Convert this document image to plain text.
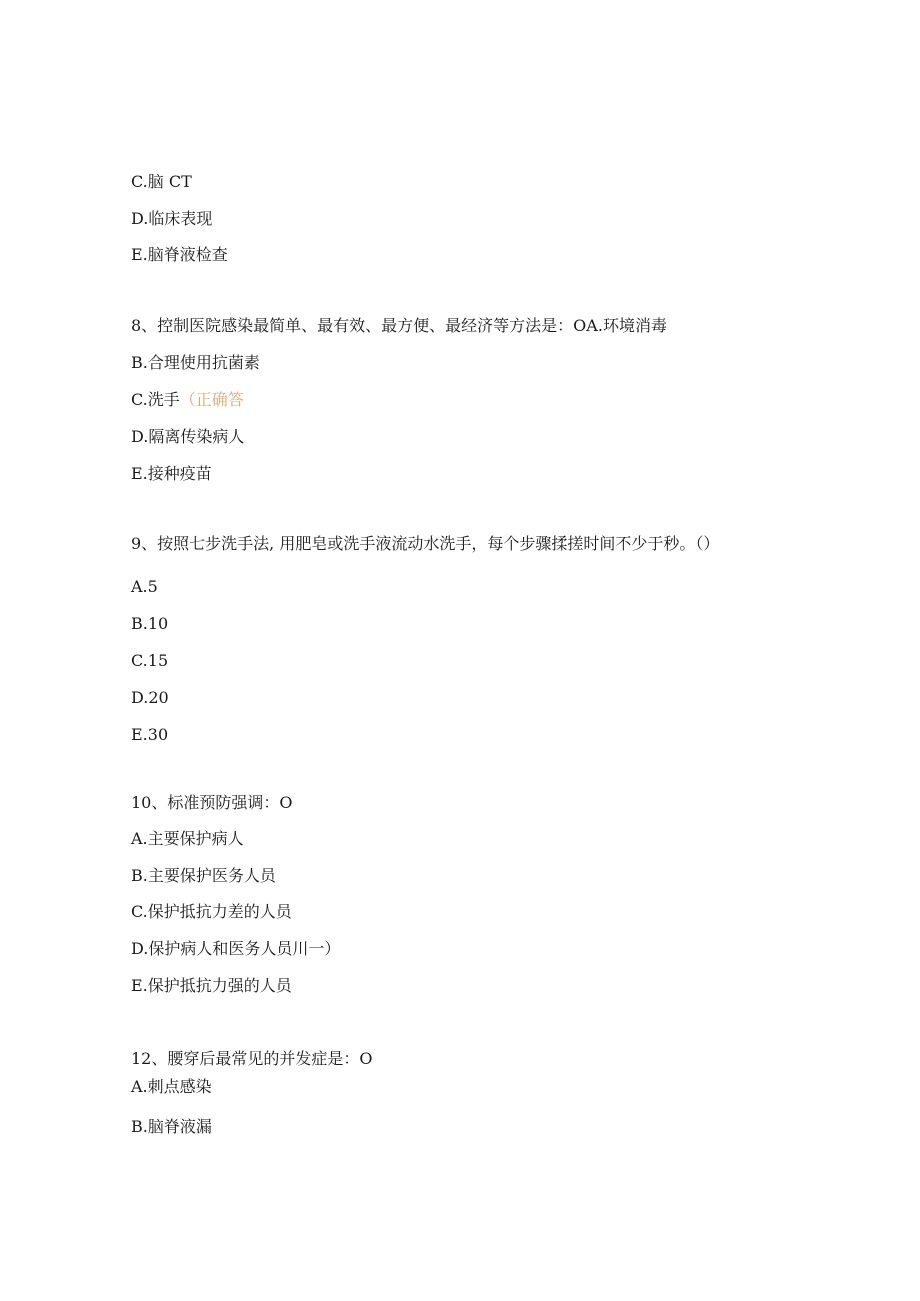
C.脑 CT
D.临床表现
E.脑脊液检查
8、控制医院感染最简单、最有效、最方便、最经济等方法是：OA.环境消毒
B.合理使用抗菌素
C.洗手（正确答
D.隔离传染病人
E.接种疫苗
9、按照七步洗手法, 用肥皂或洗手液流动水洗手，每个步骤揉搓时间不少于秒。（）
A.5
B.10
C.15
D.20
E.30
10、标准预防强调：O
A.主要保护病人
B.主要保护医务人员
C.保护抵抗力差的人员
D.保护病人和医务人员川一）
E.保护抵抗力强的人员
12、腰穿后最常见的并发症是：O
A.刺点感染
B.脑脊液漏
